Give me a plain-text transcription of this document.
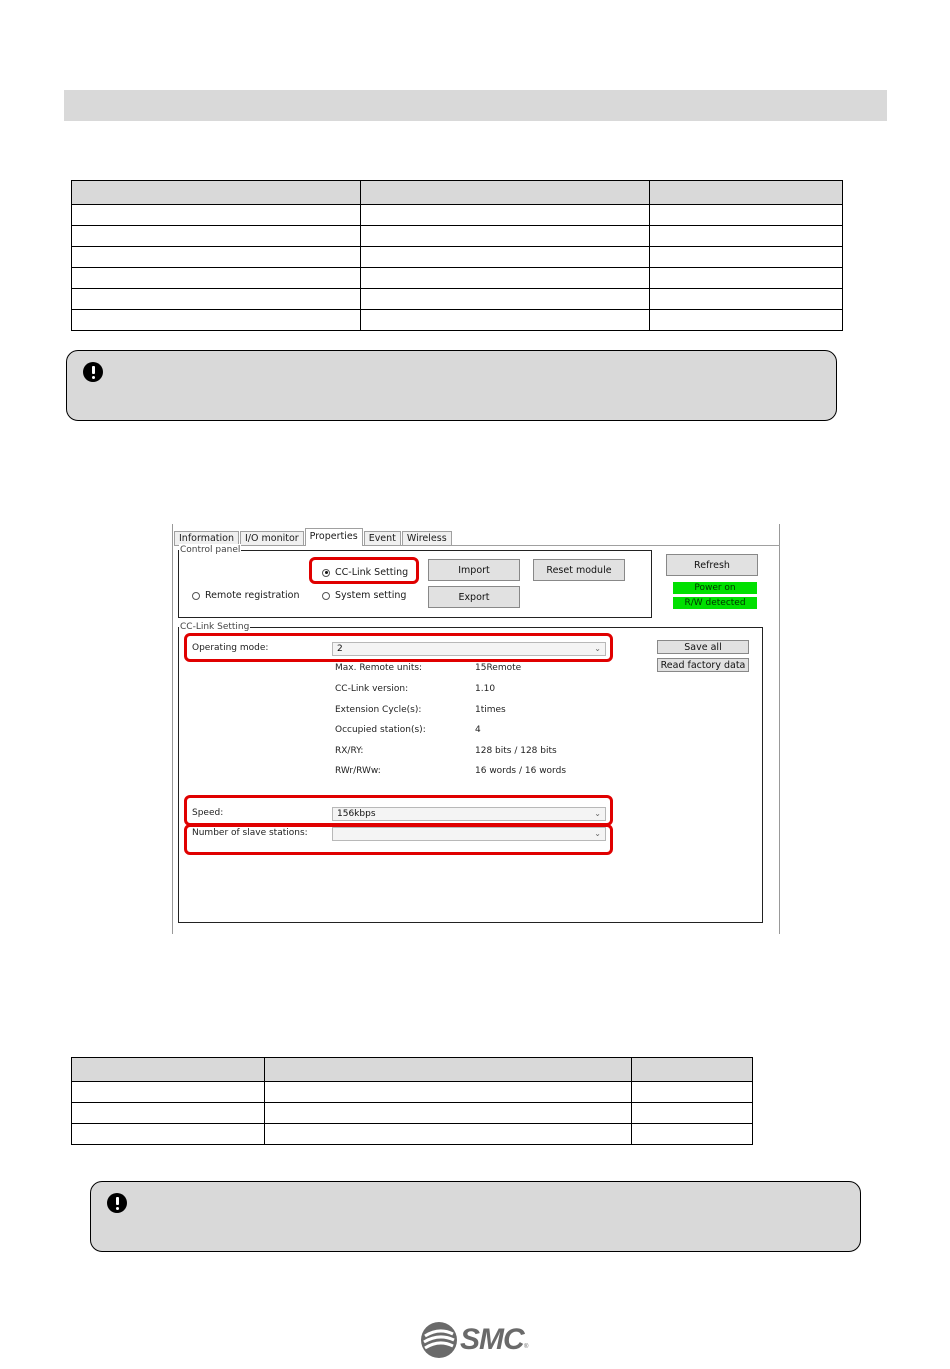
Information	I/O monitor	Properties	Event	Wireless
Control panel
CC-Link Setting
Remote registration	System setting
Import
Export
Reset module	Refresh
Power on
R/W detected
CC-Link Setting
Operating mode:	2	⌄
Max. Remote units:	15Remote
CC-Link version:	1.10
Extension Cycle(s):	1times
Occupied station(s):	4
RX/RY:	128 bits / 128 bits
RWr/RWw:	16 words / 16 words
Speed:	156kbps	⌄
Number of slave stations:	⌄
Save all
Read factory data

SMC ®
